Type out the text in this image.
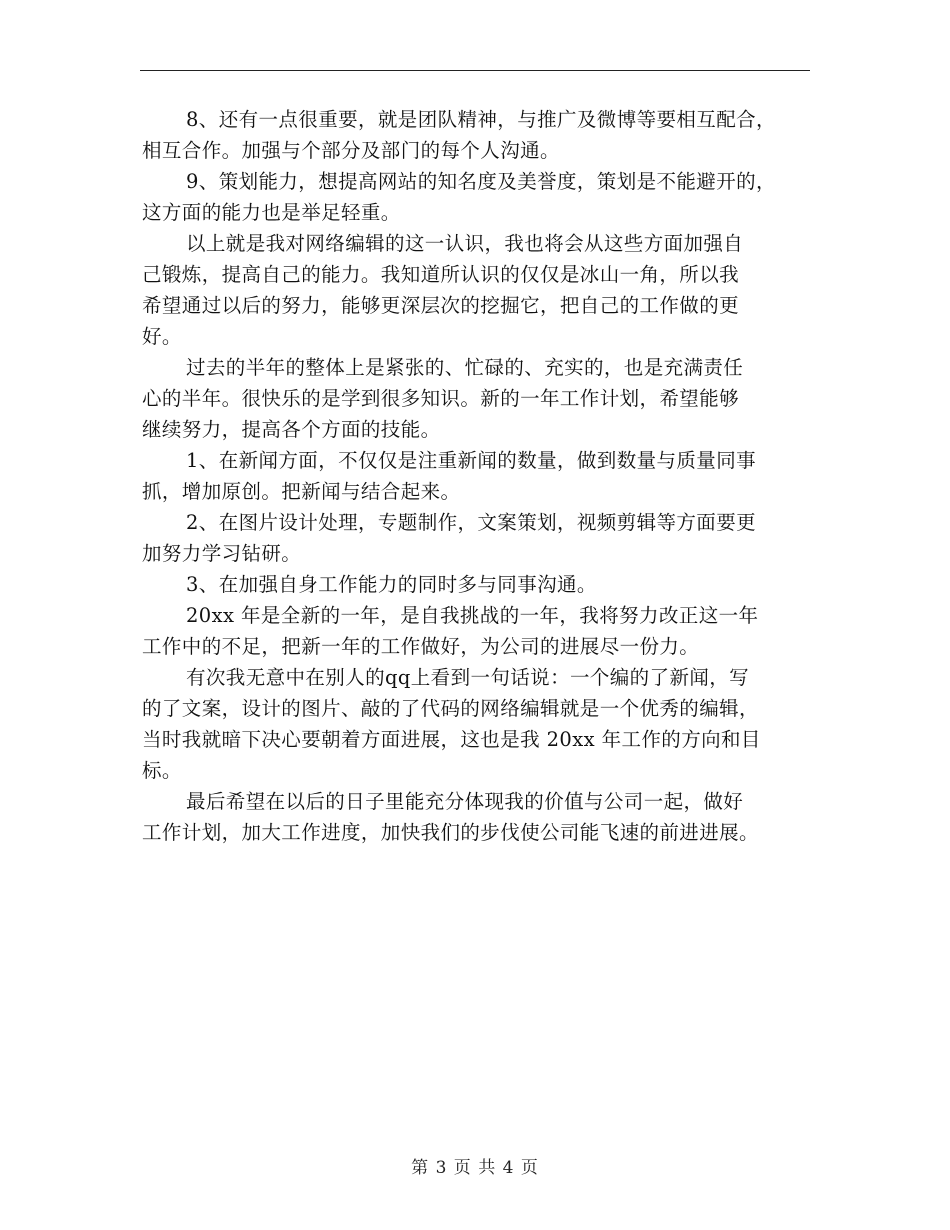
8、还有一点很重要，就是团队精神，与推广及微博等要相互配合，
相互合作。加强与个部分及部门的每个人沟通。
9、策划能力，想提高网站的知名度及美誉度，策划是不能避开的，
这方面的能力也是举足轻重。
以上就是我对网络编辑的这一认识，我也将会从这些方面加强自
己锻炼，提高自己的能力。我知道所认识的仅仅是冰山一角，所以我
希望通过以后的努力，能够更深层次的挖掘它，把自己的工作做的更
好。
过去的半年的整体上是紧张的、忙碌的、充实的，也是充满责任
心的半年。很快乐的是学到很多知识。新的一年工作计划，希望能够
继续努力，提高各个方面的技能。
1、在新闻方面，不仅仅是注重新闻的数量，做到数量与质量同事
抓，增加原创。把新闻与结合起来。
2、在图片设计处理，专题制作，文案策划，视频剪辑等方面要更
加努力学习钻研。
3、在加强自身工作能力的同时多与同事沟通。
20xx 年是全新的一年，是自我挑战的一年，我将努力改正这一年
工作中的不足，把新一年的工作做好，为公司的进展尽一份力。
有次我无意中在别人的qq上看到一句话说：一个编的了新闻，写
的了文案，设计的图片、敲的了代码的网络编辑就是一个优秀的编辑，
当时我就暗下决心要朝着方面进展，这也是我 20xx 年工作的方向和目
标。
最后希望在以后的日子里能充分体现我的价值与公司一起，做好
工作计划，加大工作进度，加快我们的步伐使公司能飞速的前进进展。
第 3 页 共 4 页
